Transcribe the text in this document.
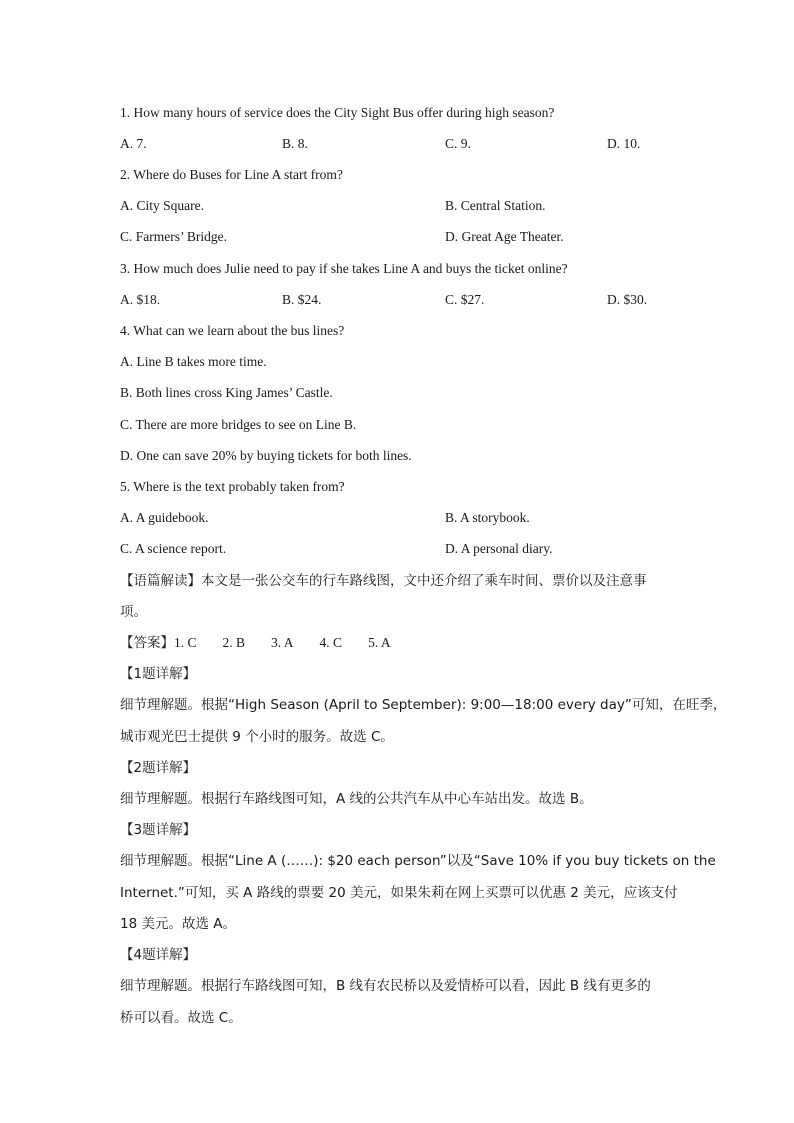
1. How many hours of service does the City Sight Bus offer during high season?
A. 7.	B. 8.	C. 9.	D. 10.
2. Where do Buses for Line A start from?
A. City Square.	B. Central Station.
C. Farmers’ Bridge.	D. Great Age Theater.
3. How much does Julie need to pay if she takes Line A and buys the ticket online?
A. $18.	B. $24.	C. $27.	D. $30.
4. What can we learn about the bus lines?
A. Line B takes more time.
B. Both lines cross King James’ Castle.
C. There are more bridges to see on Line B.
D. One can save 20% by buying tickets for both lines.
5. Where is the text probably taken from?
A. A guidebook.	B. A storybook.
C. A science report.	D. A personal diary.
【语篇解读】本文是一张公交车的行车路线图，文中还介绍了乘车时间、票价以及注意事
项。
【答案】1. C 2. B 3. A 4. C 5. A
【1题详解】
细节理解题。根据“High Season (April to September): 9:00—18:00 every day”可知，在旺季，
城市观光巴士提供 9 个小时的服务。故选 C。
【2题详解】
细节理解题。根据行车路线图可知，A 线的公共汽车从中心车站出发。故选 B。
【3题详解】
细节理解题。根据“Line A (……): $20 each person”以及“Save 10% if you buy tickets on the
Internet.”可知，买 A 路线的票要 20 美元，如果朱莉在网上买票可以优惠 2 美元，应该支付
18 美元。故选 A。
【4题详解】
细节理解题。根据行车路线图可知，B 线有农民桥以及爱情桥可以看，因此 B 线有更多的
桥可以看。故选 C。
